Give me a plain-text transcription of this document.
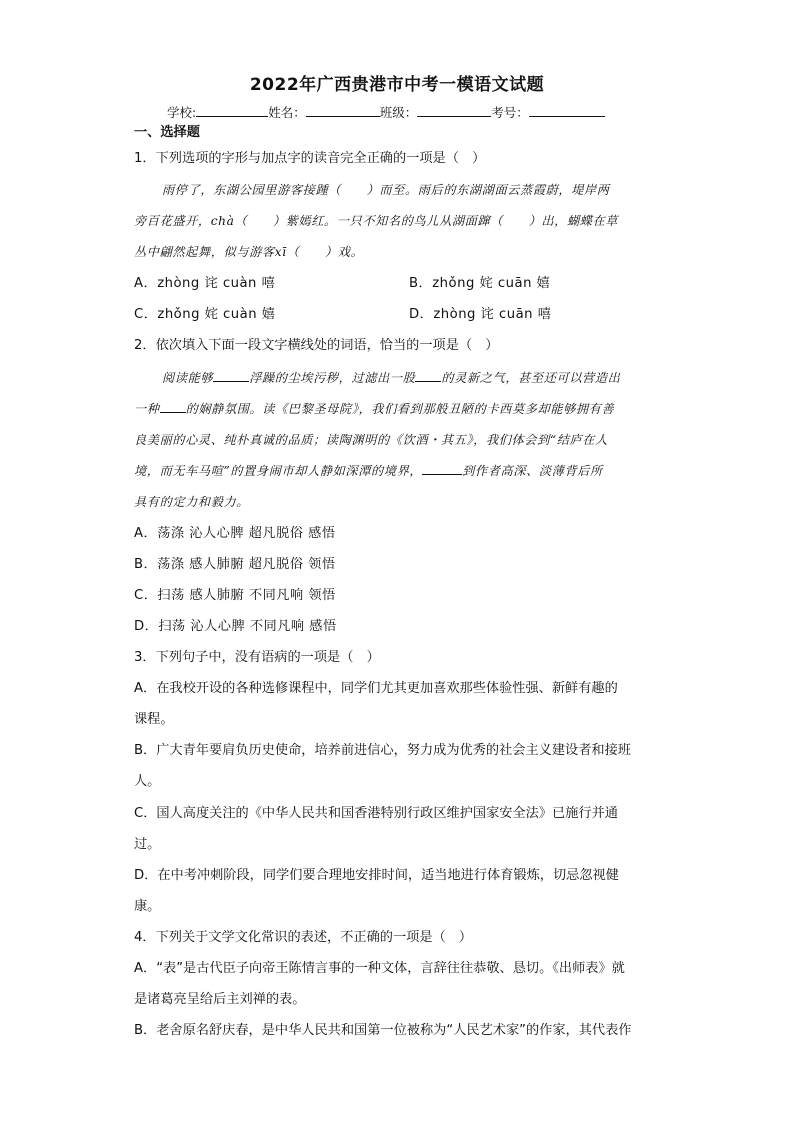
2022年广西贵港市中考一模语文试题
学校:	姓名：	班级：	考号：
一、选择题
1．下列选项的字形与加点字的读音完全正确的一项是（　）
雨停了，东湖公园里游客接踵（　　）而至。雨后的东湖湖面云蒸霞蔚，堤岸两
旁百花盛开，chà（　　）紫嫣红。一只不知名的鸟儿从湖面蹿（　　）出，蝴蝶在草
丛中翩然起舞，似与游客xī（　　）戏。
A．zhòng 诧 cuàn 嘻	B．zhǒng 姹 cuān 嬉
C．zhǒng 姹 cuàn 嬉	D．zhòng 诧 cuān 嘻
2．依次填入下面一段文字横线处的词语，恰当的一项是（　）
阅读能够	浮躁的尘埃污秽，过滤出一股 的灵新之气，甚至还可以营造出
一种 的娴静氛围。读《巴黎圣母院》，我们看到那般丑陋的卡西莫多却能够拥有善
良美丽的心灵、纯朴真诚的品质；读陶渊明的《饮酒・其五》，我们体会到“结庐在人
境，而无车马喧”的置身闹市却人静如深潭的境界，	到作者高深、淡薄背后所
具有的定力和毅力。
A．荡涤 沁人心脾 超凡脱俗 感悟
B．荡涤 感人肺腑 超凡脱俗 领悟
C．扫荡 感人肺腑 不同凡响 领悟
D．扫荡 沁人心脾 不同凡响 感悟
3．下列句子中，没有语病的一项是（　）
A．在我校开设的各种选修课程中，同学们尤其更加喜欢那些体验性强、新鲜有趣的
课程。
B．广大青年要肩负历史使命，培养前进信心，努力成为优秀的社会主义建设者和接班
人。
C．国人高度关注的《中华人民共和国香港特别行政区维护国家安全法》已施行并通
过。
D．在中考冲刺阶段，同学们要合理地安排时间，适当地进行体育锻炼，切忌忽视健
康。
4．下列关于文学文化常识的表述，不正确的一项是（　）
A．“表”是古代臣子向帝王陈情言事的一种文体，言辞往往恭敬、恳切。《出师表》就
是诸葛亮呈给后主刘禅的表。
B．老舍原名舒庆春，是中华人民共和国第一位被称为“人民艺术家”的作家，其代表作
